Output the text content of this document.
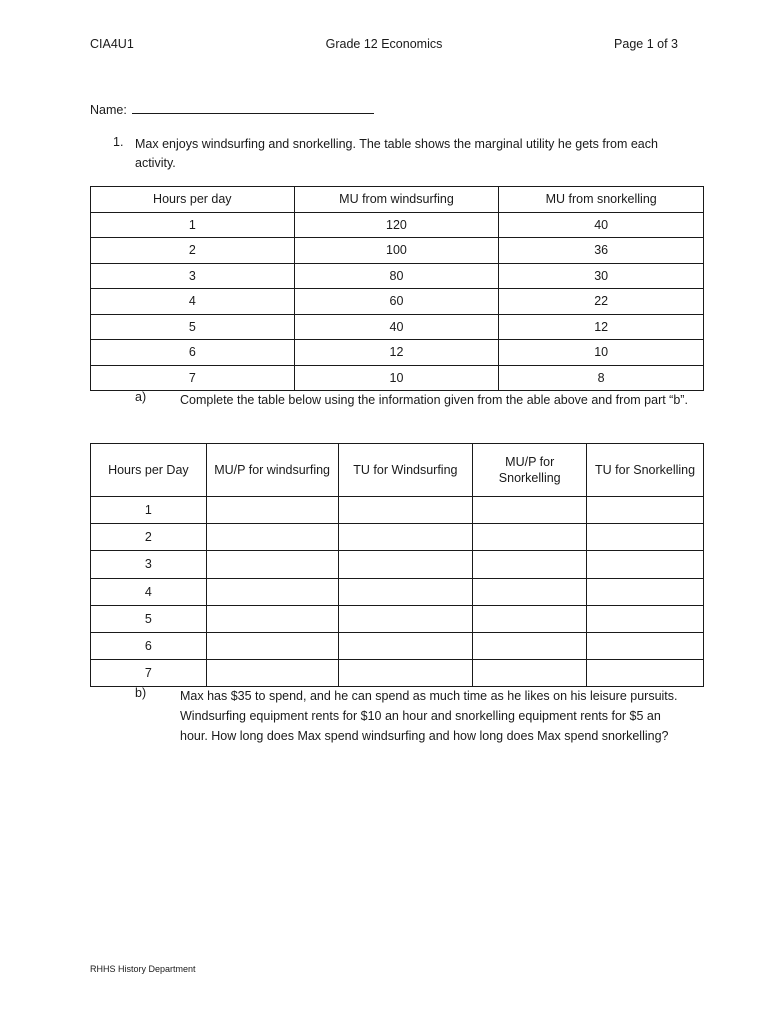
CIA4U1	Grade 12 Economics	Page 1 of 3
Name:
1. Max enjoys windsurfing and snorkelling. The table shows the marginal utility he gets from each activity.
Hours per day	MU from windsurfing	MU from snorkelling
1	120	40
2	100	36
3	80	30
4	60	22
5	40	12
6	12	10
7	10	8
a)	Complete the table below using the information given from the able above and from part “b”.
Hours per Day	MU/P for windsurfing	TU for Windsurfing	MU/P for Snorkelling	TU for Snorkelling
1				
2				
3				
4				
5				
6				
7				
b)	Max has $35 to spend, and he can spend as much time as he likes on his leisure pursuits. Windsurfing equipment rents for $10 an hour and snorkelling equipment rents for $5 an hour. How long does Max spend windsurfing and how long does Max spend snorkelling?
RHHS History Department
